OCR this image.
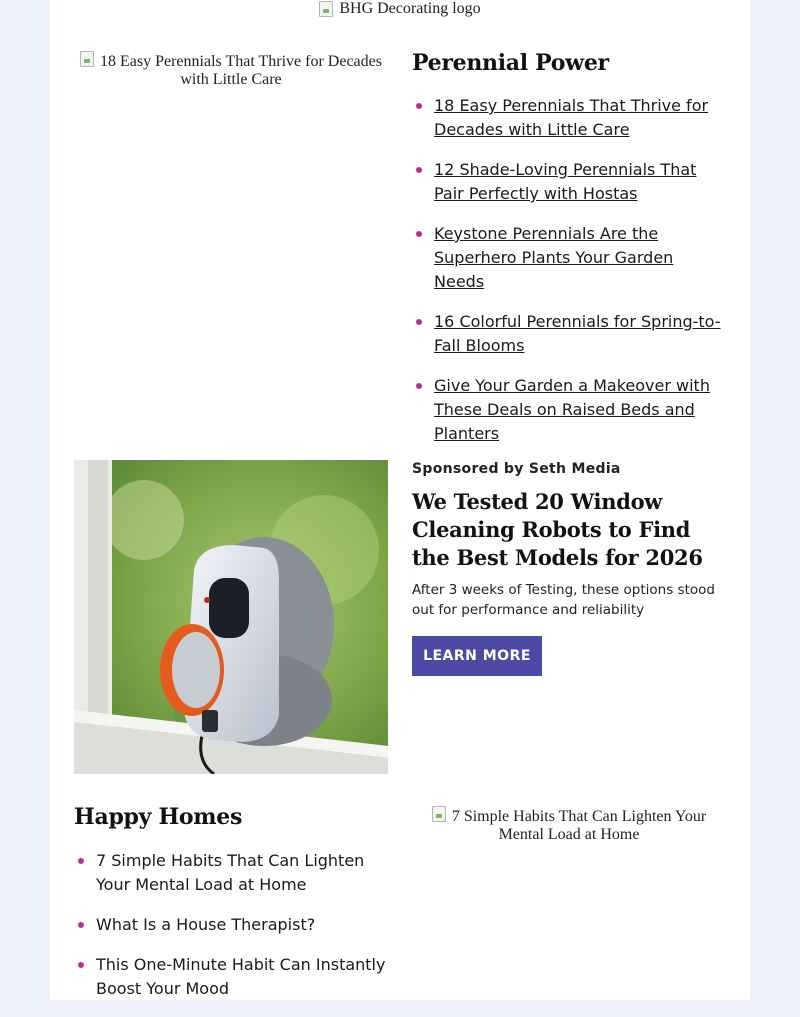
BHG Decorating logo
18 Easy Perennials That Thrive for Decades with Little Care
Perennial Power
18 Easy Perennials That Thrive for Decades with Little Care
12 Shade-Loving Perennials That Pair Perfectly with Hostas
Keystone Perennials Are the Superhero Plants Your Garden Needs
16 Colorful Perennials for Spring-to-Fall Blooms
Give Your Garden a Makeover with These Deals on Raised Beds and Planters

Sponsored by Seth Media

We Tested 20 Window Cleaning Robots to Find the Best Models for 2026

After 3 weeks of Testing, these options stood out for performance and reliability

LEARN MORE
Happy Homes
7 Simple Habits That Can Lighten Your Mental Load at Home
What Is a House Therapist?
This One-Minute Habit Can Instantly Boost Your Mood
7 Simple Habits That Can Lighten Your Mental Load at Home
